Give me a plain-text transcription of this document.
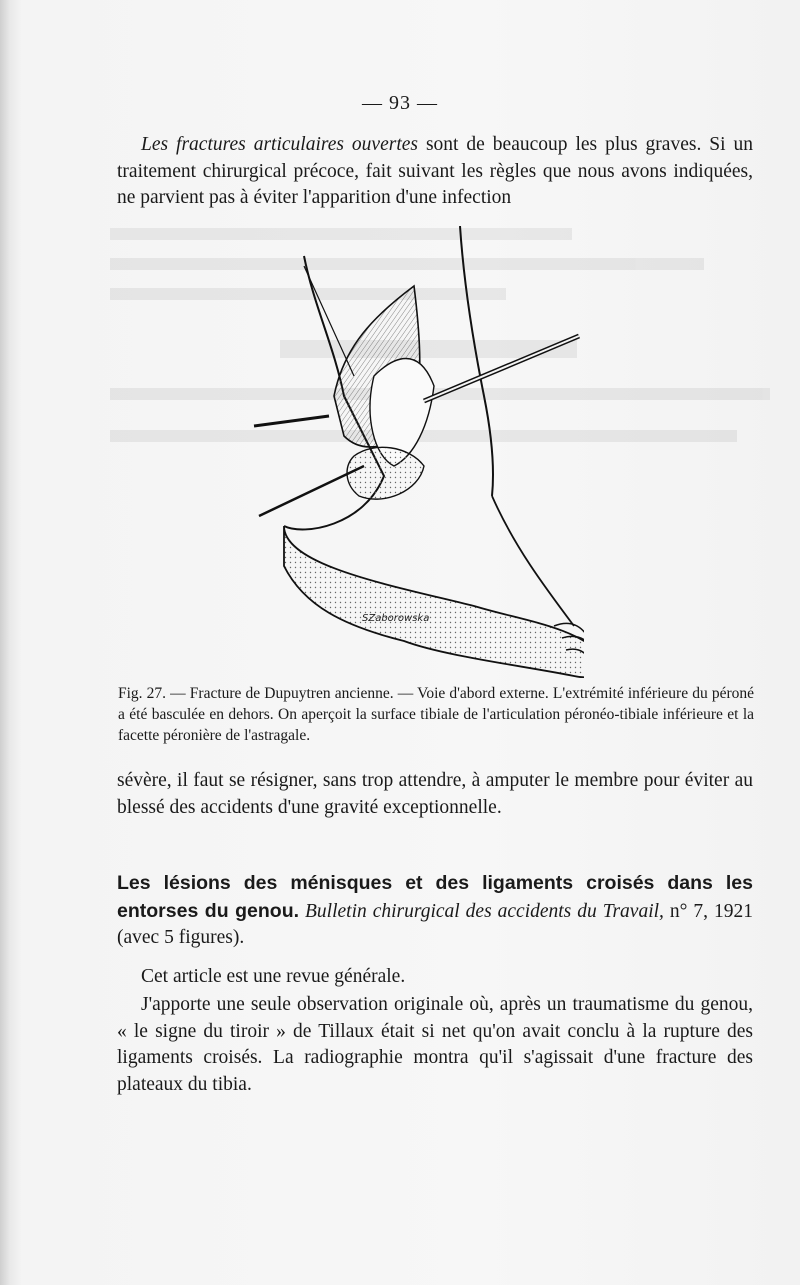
— 93 —

Les fractures articulaires ouvertes sont de beaucoup les plus graves. Si un traitement chirurgical précoce, fait suivant les règles que nous avons indiquées, ne parvient pas à éviter l'apparition d'une infection

SZaborowska
Fig. 27. — Fracture de Dupuytren ancienne. — Voie d'abord externe. L'extrémité inférieure du péroné a été basculée en dehors. On aperçoit la surface tibiale de l'articulation péronéo-tibiale inférieure et la facette péronière de l'astragale.

sévère, il faut se résigner, sans trop attendre, à amputer le membre pour éviter au blessé des accidents d'une gravité exceptionnelle.

Les lésions des ménisques et des ligaments croisés dans les entorses du genou. Bulletin chirurgical des accidents du Travail, n° 7, 1921 (avec 5 figures).

Cet article est une revue générale.

J'apporte une seule observation originale où, après un traumatisme du genou, « le signe du tiroir » de Tillaux était si net qu'on avait conclu à la rupture des ligaments croisés. La radiographie montra qu'il s'agissait d'une fracture des plateaux du tibia.
